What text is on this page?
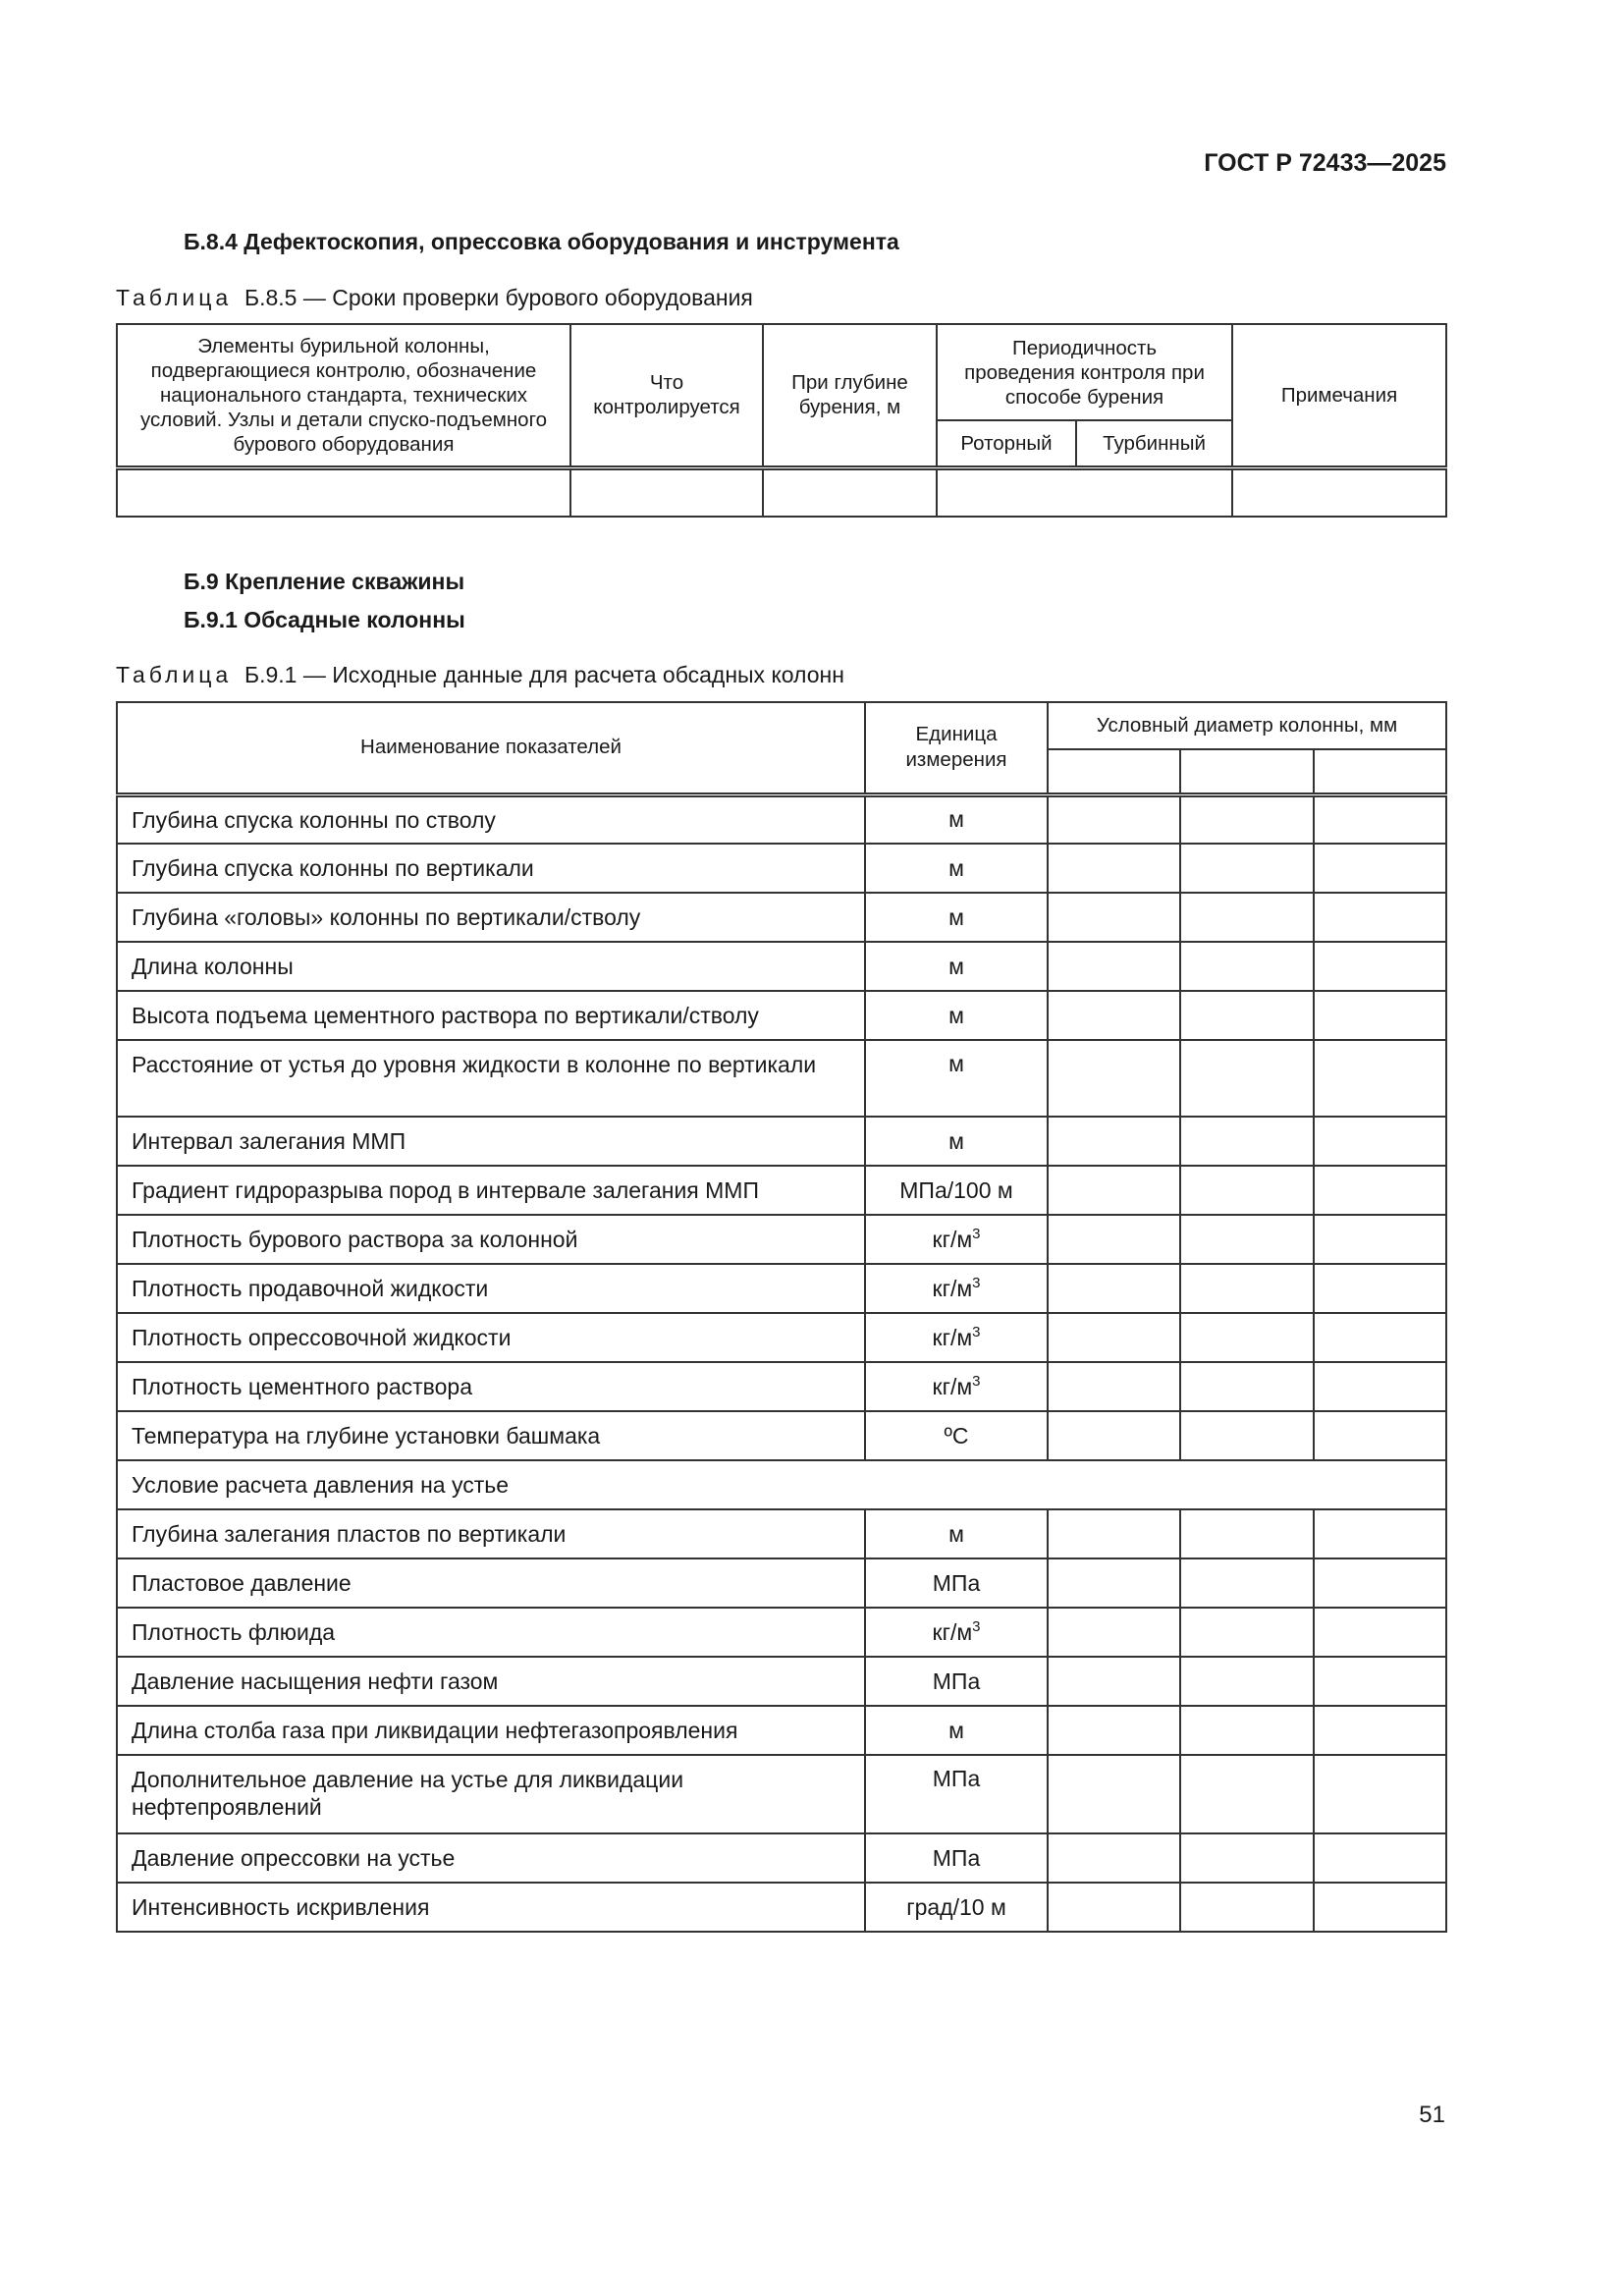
ГОСТ Р 72433—2025
Б.8.4 Дефектоскопия, опрессовка оборудования и инструмента
Таблица Б.8.5 — Сроки проверки бурового оборудования
Элементы бурильной колонны, подвергающиеся контролю, обозначение национального стандарта, технических условий. Узлы и детали спуско-подъемного бурового оборудования	Что контролируется	При глубине бурения, м	Периодичность проведения контроля при способе бурения		Примечания
			Роторный	Турбинный	

Б.9 Крепление скважины
Б.9.1 Обсадные колонны
Таблица Б.9.1 — Исходные данные для расчета обсадных колонн
Наименование показателей	Единица измерения	Условный диаметр колонны, мм		

Глубина спуска колонны по стволу	м			
Глубина спуска колонны по вертикали	м			
Глубина «головы» колонны по вертикали/стволу	м			
Длина колонны	м			
Высота подъема цементного раствора по вертикали/стволу	м			
Расстояние от устья до уровня жидкости в колонне по вертикали	м			
Интервал залегания ММП	м			
Градиент гидроразрыва пород в интервале залегания ММП	МПа/100 м			
Плотность бурового раствора за колонной	$кг/м^3$			
Плотность продавочной жидкости	$кг/м^3$			
Плотность опрессовочной жидкости	$кг/м^3$			
Плотность цементного раствора	$кг/м^3$			
Температура на глубине установки башмака	ºС			
Условие расчета давления на устье				
Глубина залегания пластов по вертикали	м			
Пластовое давление	МПа			
Плотность флюида	$кг/м^3$			
Давление насыщения нефти газом	МПа			
Длина столба газа при ликвидации нефтегазопроявления	м			
Дополнительное давление на устье для ликвидации нефтепроявлений	МПа			
Давление опрессовки на устье	МПа			
Интенсивность искривления	град/10 м			
51
